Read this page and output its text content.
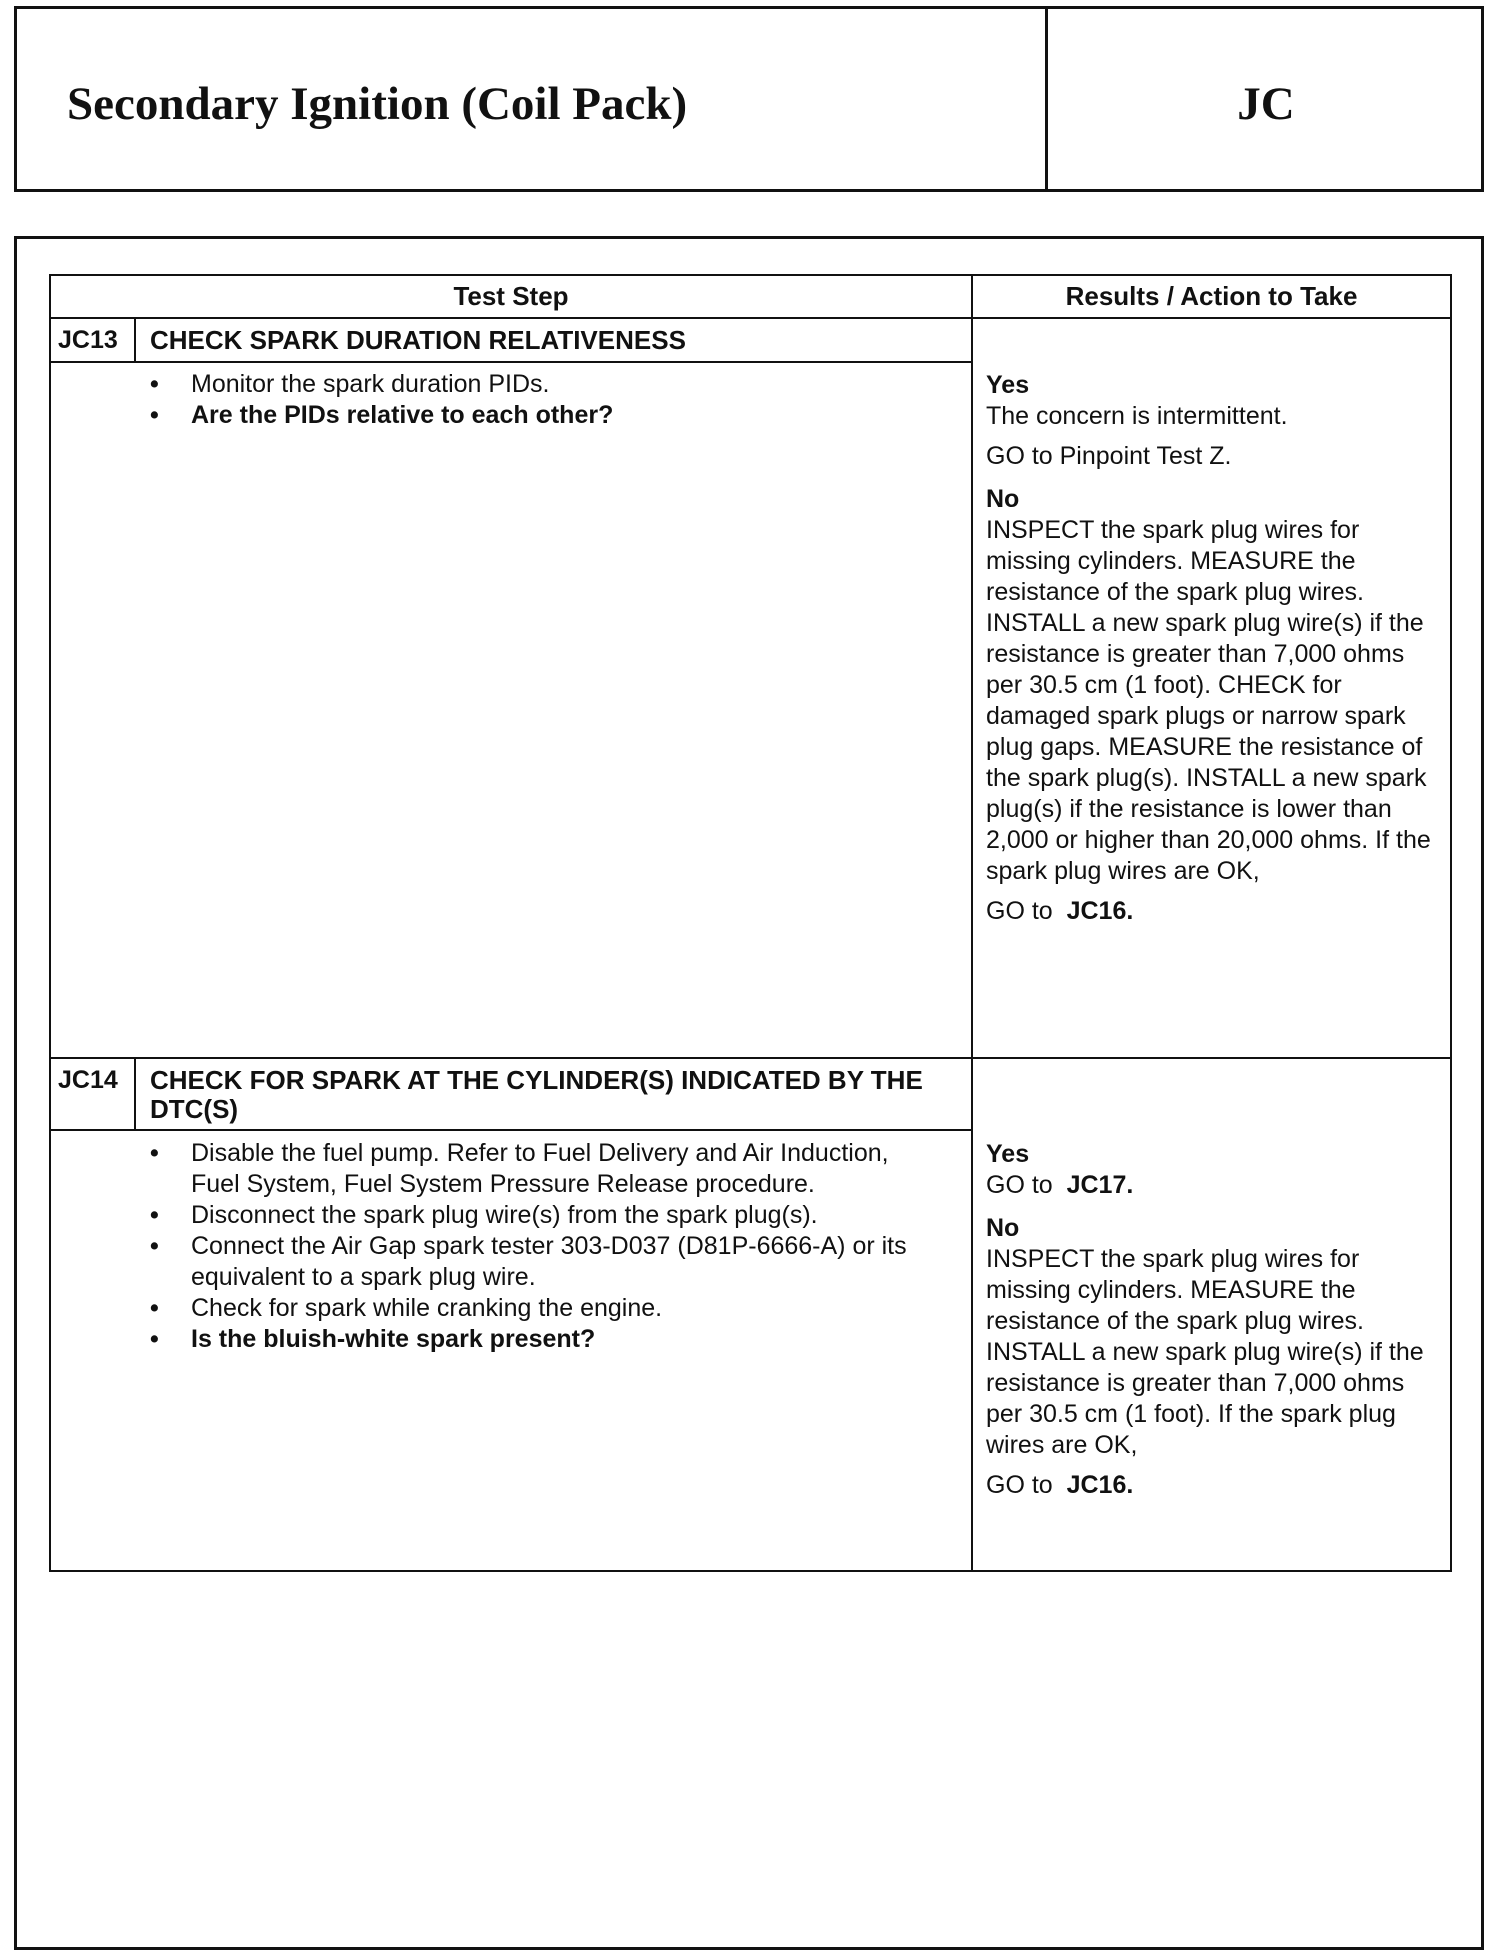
Secondary Ignition (Coil Pack)	JC
Test Step	Results / Action to Take
JC13 CHECK SPARK DURATION RELATIVENESS
• Monitor the spark duration PIDs.
• Are the PIDs relative to each other?

Yes

The concern is intermittent.

GO to Pinpoint Test Z.

No

INSPECT the spark plug wires for missing cylinders. MEASURE the resistance of the spark plug wires. INSTALL a new spark plug wire(s) if the resistance is greater than 7,000 ohms per 30.5 cm (1 foot). CHECK for damaged spark plugs or narrow spark plug gaps. MEASURE the resistance of the spark plug(s). INSTALL a new spark plug(s) if the resistance is lower than 2,000 or higher than 20,000 ohms. If the spark plug wires are OK,

GO to JC16.

JC14 CHECK FOR SPARK AT THE CYLINDER(S) INDICATED BY THE DTC(S)
• Disable the fuel pump. Refer to Fuel Delivery and Air Induction, Fuel System, Fuel System Pressure Release procedure.
• Disconnect the spark plug wire(s) from the spark plug(s).
• Connect the Air Gap spark tester 303-D037 (D81P-6666-A) or its equivalent to a spark plug wire.
• Check for spark while cranking the engine.
• Is the bluish-white spark present?

Yes

GO to JC17.

No

INSPECT the spark plug wires for missing cylinders. MEASURE the resistance of the spark plug wires. INSTALL a new spark plug wire(s) if the resistance is greater than 7,000 ohms per 30.5 cm (1 foot). If the spark plug wires are OK,

GO to JC16.
